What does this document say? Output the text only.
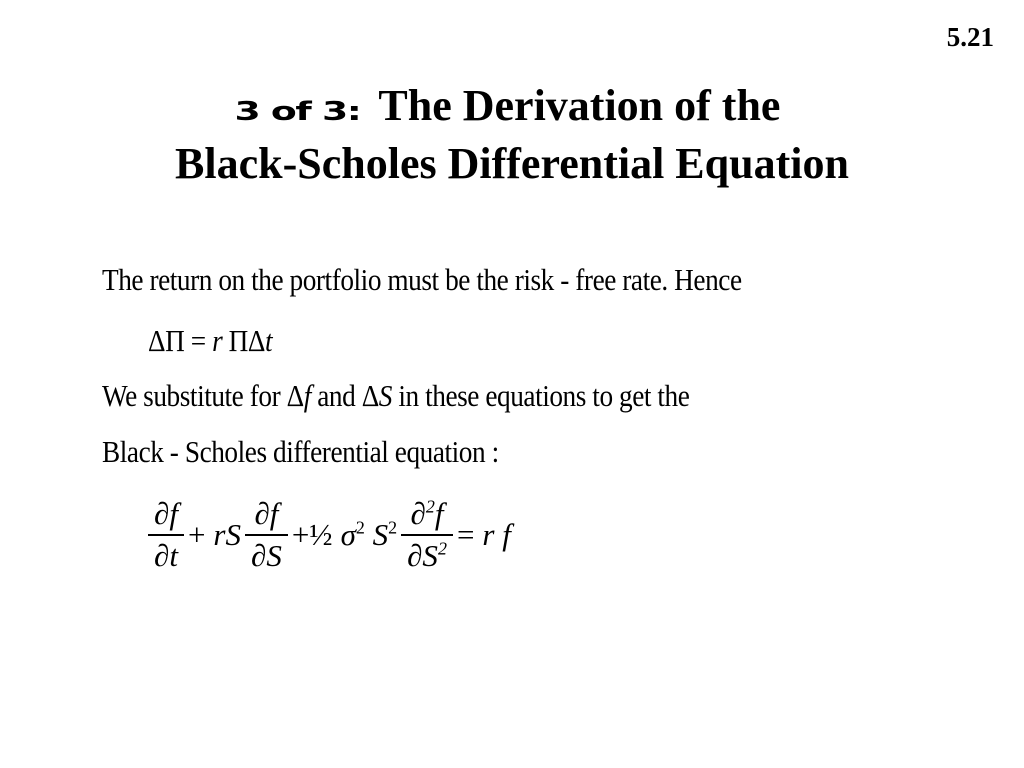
5.21
3 of 3: The Derivation of the
Black-Scholes Differential Equation
The return on the portfolio must be the risk - free rate. Hence
ΔΠ = r ΠΔt
We substitute for Δf and ΔS in these equations to get the
Black - Scholes differential equation :
$\frac{\partial f}{\partial t}$ + rS $\frac{\partial f}{\partial S}$ +½ $\sigma^2$ $S^2 \frac{\partial^2f}{\partial S^2} = r$ f
